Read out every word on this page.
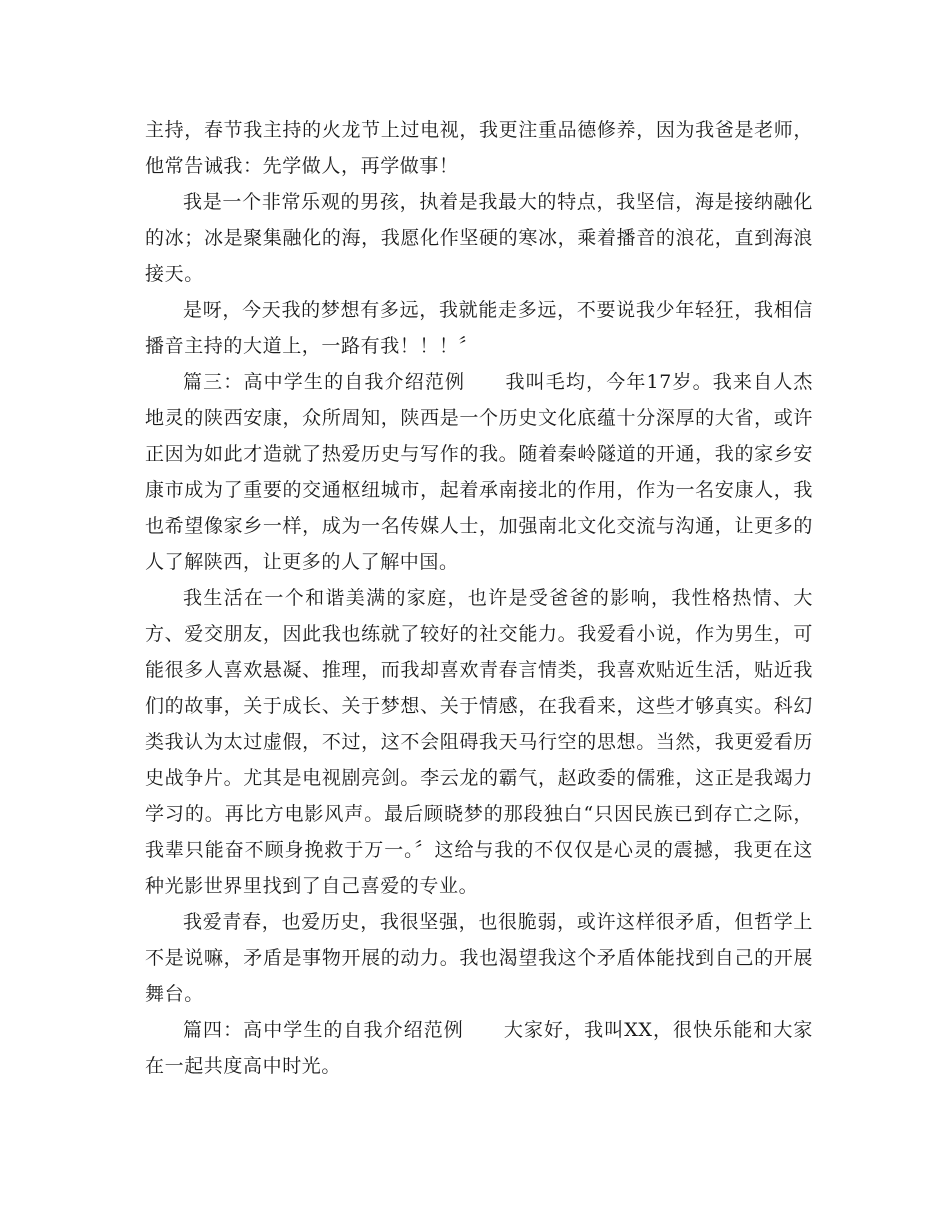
主持，春节我主持的火龙节上过电视，我更注重品德修养，因为我爸是老师，他常告诫我：先学做人，再学做事！

我是一个非常乐观的男孩，执着是我最大的特点，我坚信，海是接纳融化的冰；冰是聚集融化的海，我愿化作坚硬的寒冰，乘着播音的浪花，直到海浪接天。

是呀，今天我的梦想有多远，我就能走多远，不要说我少年轻狂，我相信播音主持的大道上，一路有我！！！〞

篇三：高中学生的自我介绍范例　　我叫毛均，今年17岁。我来自人杰地灵的陕西安康，众所周知，陕西是一个历史文化底蕴十分深厚的大省，或许正因为如此才造就了热爱历史与写作的我。随着秦岭隧道的开通，我的家乡安康市成为了重要的交通枢纽城市，起着承南接北的作用，作为一名安康人，我也希望像家乡一样，成为一名传媒人士，加强南北文化交流与沟通，让更多的人了解陕西，让更多的人了解中国。

我生活在一个和谐美满的家庭，也许是受爸爸的影响，我性格热情、大方、爱交朋友，因此我也练就了较好的社交能力。我爱看小说，作为男生，可能很多人喜欢悬凝、推理，而我却喜欢青春言情类，我喜欢贴近生活，贴近我们的故事，关于成长、关于梦想、关于情感，在我看来，这些才够真实。科幻类我认为太过虚假，不过，这不会阻碍我天马行空的思想。当然，我更爱看历史战争片。尤其是电视剧亮剑。李云龙的霸气，赵政委的儒雅，这正是我竭力学习的。再比方电影风声。最后顾晓梦的那段独白“只因民族已到存亡之际，我辈只能奋不顾身挽救于万一。〞这给与我的不仅仅是心灵的震撼，我更在这种光影世界里找到了自己喜爱的专业。

我爱青春，也爱历史，我很坚强，也很脆弱，或许这样很矛盾，但哲学上不是说嘛，矛盾是事物开展的动力。我也渴望我这个矛盾体能找到自己的开展舞台。

篇四：高中学生的自我介绍范例　　大家好，我叫XX，很快乐能和大家在一起共度高中时光。
